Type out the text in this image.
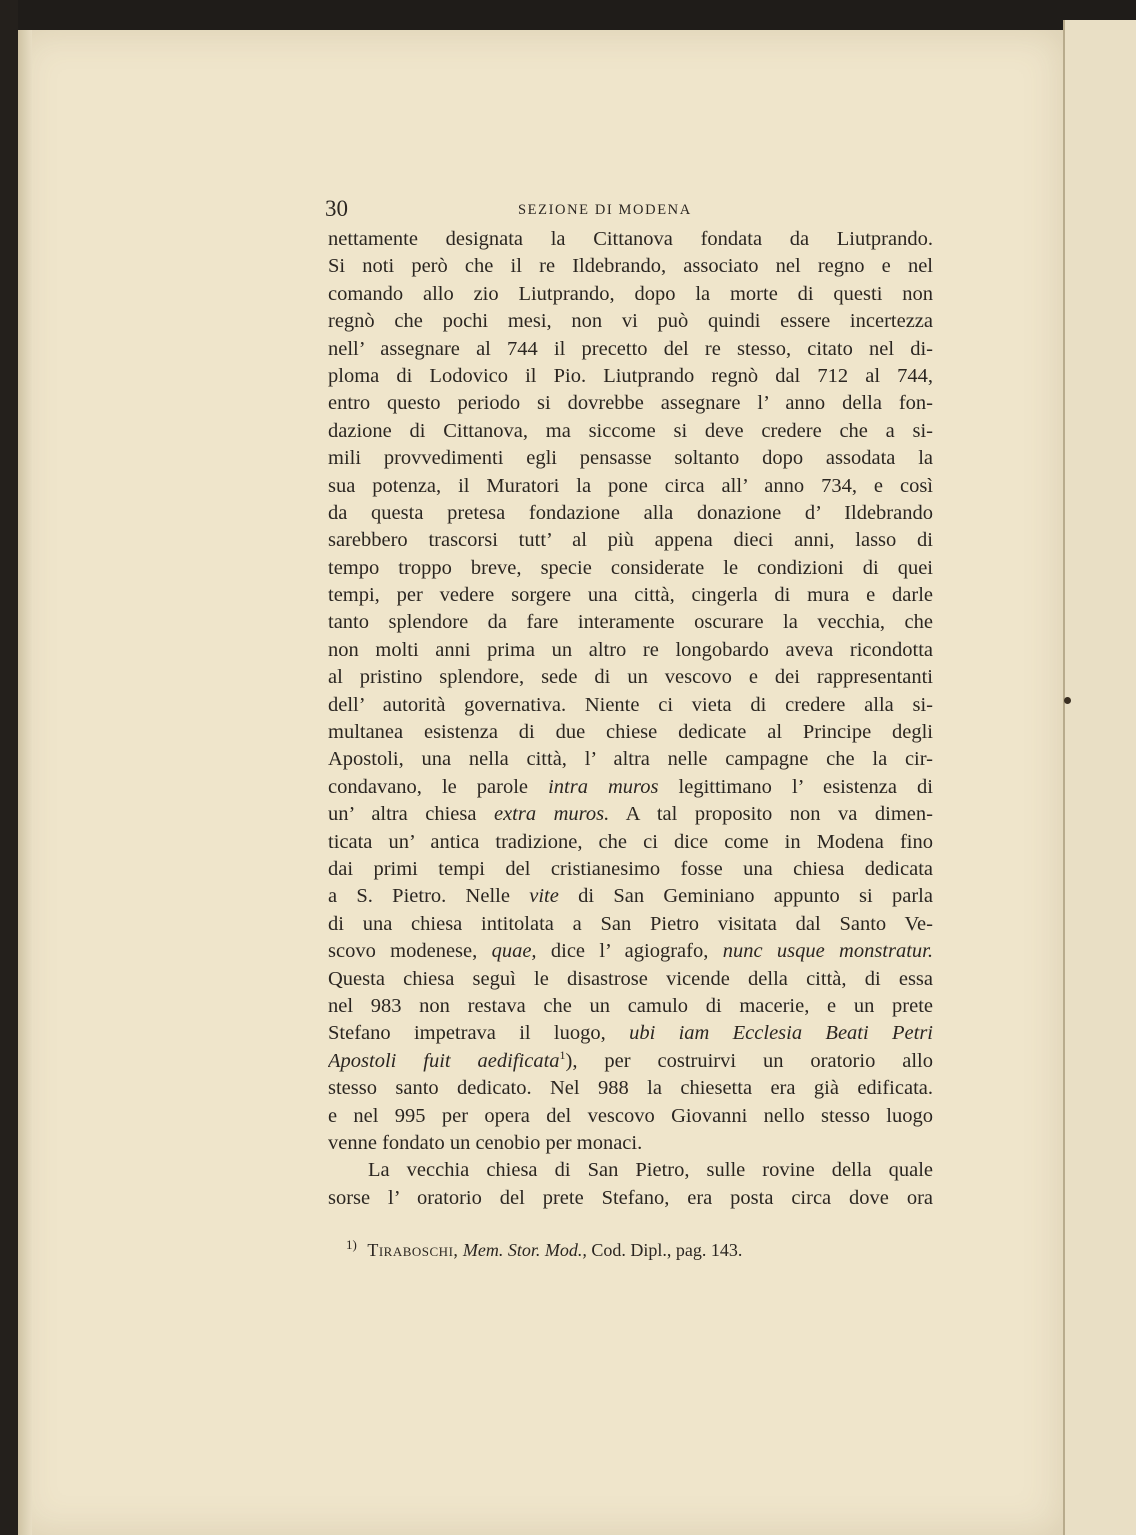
30	SEZIONE DI MODENA
nettamente designata la Cittanova fondata da Liutprando.
Si noti però che il re Ildebrando, associato nel regno e nel
comando allo zio Liutprando, dopo la morte di questi non
regnò che pochi mesi, non vi può quindi essere incertezza
nell’ assegnare al 744 il precetto del re stesso, citato nel di-
ploma di Lodovico il Pio. Liutprando regnò dal 712 al 744,
entro questo periodo si dovrebbe assegnare l’ anno della fon-
dazione di Cittanova, ma siccome si deve credere che a si-
mili provvedimenti egli pensasse soltanto dopo assodata la
sua potenza, il Muratori la pone circa all’ anno 734, e così
da questa pretesa fondazione alla donazione d’ Ildebrando
sarebbero trascorsi tutt’ al più appena dieci anni, lasso di
tempo troppo breve, specie considerate le condizioni di quei
tempi, per vedere sorgere una città, cingerla di mura e darle
tanto splendore da fare interamente oscurare la vecchia, che
non molti anni prima un altro re longobardo aveva ricondotta
al pristino splendore, sede di un vescovo e dei rappresentanti
dell’ autorità governativa. Niente ci vieta di credere alla si-
multanea esistenza di due chiese dedicate al Principe degli
Apostoli, una nella città, l’ altra nelle campagne che la cir-
condavano, le parole intra muros legittimano l’ esistenza di
un’ altra chiesa extra muros. A tal proposito non va dimen-
ticata un’ antica tradizione, che ci dice come in Modena fino
dai primi tempi del cristianesimo fosse una chiesa dedicata
a S. Pietro. Nelle vite di San Geminiano appunto si parla
di una chiesa intitolata a San Pietro visitata dal Santo Ve-
scovo modenese, quae, dice l’ agiografo, nunc usque monstratur.
Questa chiesa seguì le disastrose vicende della città, di essa
nel 983 non restava che un camulo di macerie, e un prete
Stefano impetrava il luogo, ubi iam Ecclesia Beati Petri
Apostoli fuit aedificata$^1$), per costruirvi un oratorio allo
stesso santo dedicato. Nel 988 la chiesetta era già edificata.
e nel 995 per opera del vescovo Giovanni nello stesso luogo
venne fondato un cenobio per monaci.
La vecchia chiesa di San Pietro, sulle rovine della quale
sorse l’ oratorio del prete Stefano, era posta circa dove ora
$^{1)}$ Tiraboschi, Mem. Stor. Mod., Cod. Dipl., pag. 143.
